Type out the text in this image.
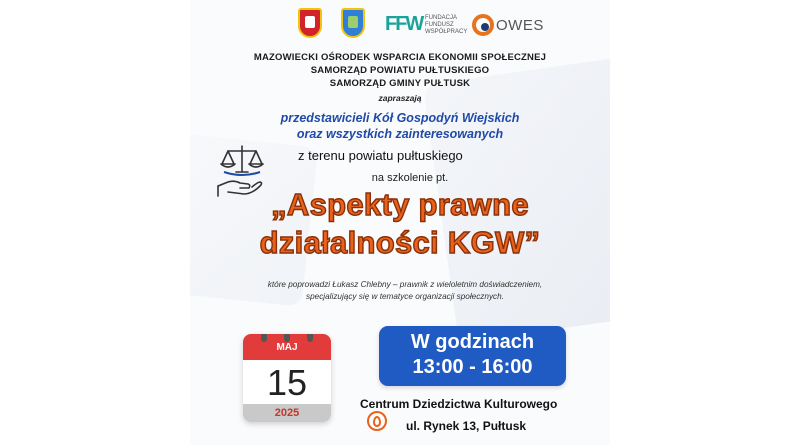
FFW FUNDACJA FUNDUSZ WSPÓŁPRACY	OWES
MAZOWIECKI OŚRODEK WSPARCIA EKONOMII SPOŁECZNEJ
SAMORZĄD POWIATU PUŁTUSKIEGO
SAMORZĄD GMINY PUŁTUSK
zapraszają
przedstawicieli Kół Gospodyń Wiejskich
oraz wszystkich zainteresowanych
z terenu powiatu pułtuskiego
na szkolenie pt.
„Aspekty prawne
działalności KGW”
które poprowadzi Łukasz Chlebny – prawnik z wieloletnim doświadczeniem,
specjalizujący się w tematyce organizacji społecznych.
MAJ
15
2025
W godzinach
13:00 - 16:00
Centrum Dziedzictwa Kulturowego
ul. Rynek 13, Pułtusk
